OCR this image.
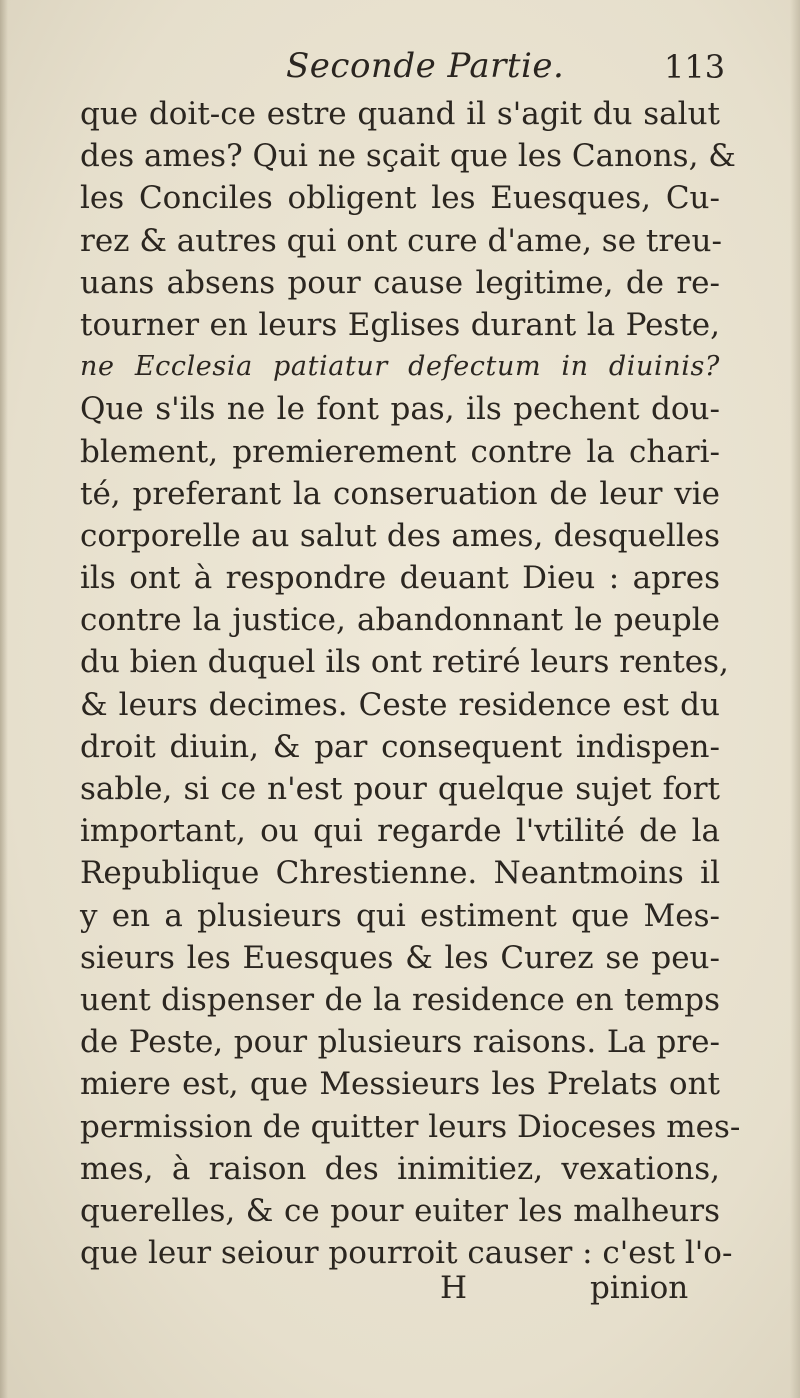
Seconde Partie.	113
que doit-ce estre quand il s'agit du salut
des ames? Qui ne sçait que les Canons, &
les Conciles obligent les Euesques, Cu-
rez & autres qui ont cure d'ame, se treu-
uans absens pour cause legitime, de re-
tourner en leurs Eglises durant la Peste,
ne Ecclesia patiatur defectum in diuinis?
Que s'ils ne le font pas, ils pechent dou-
blement, premierement contre la chari-
té, preferant la conseruation de leur vie
corporelle au salut des ames, desquelles
ils ont à respondre deuant Dieu : apres
contre la justice, abandonnant le peuple
du bien duquel ils ont retiré leurs rentes,
& leurs decimes. Ceste residence est du
droit diuin, & par consequent indispen-
sable, si ce n'est pour quelque sujet fort
important, ou qui regarde l'vtilité de la
Republique Chrestienne. Neantmoins il
y en a plusieurs qui estiment que Mes-
sieurs les Euesques & les Curez se peu-
uent dispenser de la residence en temps
de Peste, pour plusieurs raisons. La pre-
miere est, que Messieurs les Prelats ont
permission de quitter leurs Dioceses mes-
mes, à raison des inimitiez, vexations,
querelles, & ce pour euiter les malheurs
que leur seiour pourroit causer : c'est l'o-
H	pinion
